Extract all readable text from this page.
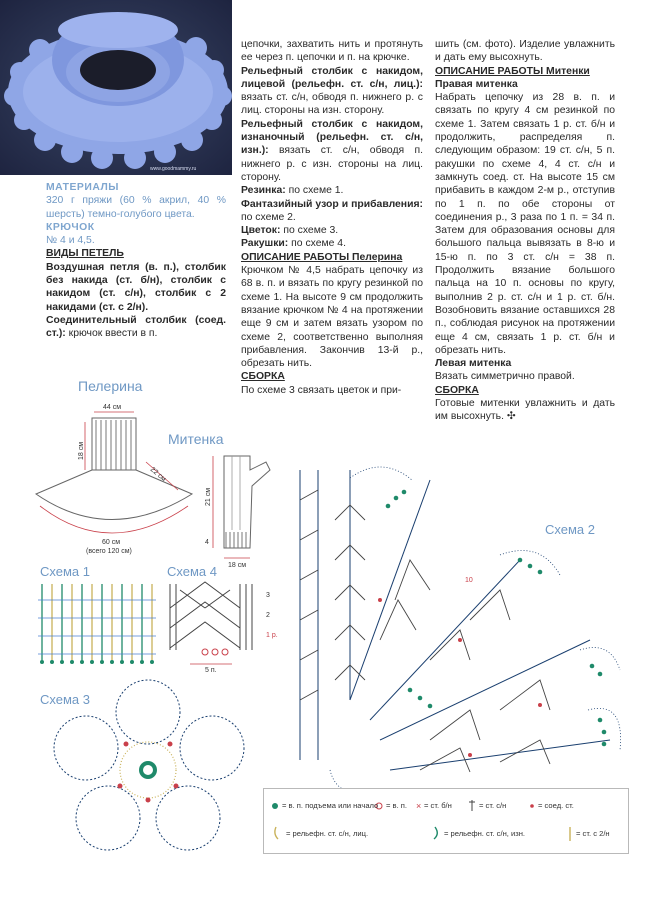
www.goodmammy.ru
МАТЕРИАЛЫ
320 г пряжи (60 % акрил, 40 % шерсть) темно-голубого цвета.
КРЮЧОК
№ 4 и 4,5.
ВИДЫ ПЕТЕЛЬ
Воздушная петля (в. п.), столбик без накида (ст. б/н), столбик с накидом (ст. с/н), столбик с 2 накидами (ст. с 2/н).
Соединительный столбик (соед. ст.): крючок ввести в п.
цепочки, захватить нить и протянуть ее через п. цепочки и п. на крючке.
Рельефный столбик с накидом, лицевой (рельефн. ст. с/н, лиц.): вязать ст. с/н, обводя п. нижнего р. с лиц. стороны на изн. сторону.
Рельефный столбик с накидом, изнаночный (рельефн. ст. с/н, изн.): вязать ст. с/н, обводя п. нижнего р. с изн. стороны на лиц. сторону.
Резинка: по схеме 1.
Фантазийный узор и прибавления: по схеме 2.
Цветок: по схеме 3.
Ракушки: по схеме 4.
ОПИСАНИЕ РАБОТЫ Пелерина
Крючком № 4,5 набрать цепочку из 68 в. п. и вязать по кругу резинкой по схеме 1. На высоте 9 см продолжить вязание крючком № 4 на протяжении еще 9 см и затем вязать узором по схеме 2, соответственно выполняя прибавления. Закончив 13-й р., обрезать нить.
СБОРКА
По схеме 3 связать цветок и при-
шить (см. фото). Изделие увлажнить и дать ему высохнуть.
ОПИСАНИЕ РАБОТЫ Митенки
Правая митенка
Набрать цепочку из 28 в. п. и связать по кругу 4 см резинкой по схеме 1. Затем связать 1 р. ст. б/н и продолжить, распределяя п. следующим образом: 19 ст. с/н, 5 п. ракушки по схеме 4, 4 ст. с/н и замкнуть соед. ст. На высоте 15 см прибавить в каждом 2-м р., отступив по 1 п. по обе стороны от соединения р., 3 раза по 1 п. = 34 п. Затем для образования основы для большого пальца вывязать в 8-ю и 15-ю п. по 3 ст. с/н = 38 п. Продолжить вязание большого пальца на 10 п. основы по кругу, выполнив 2 р. ст. с/н и 1 р. ст. б/н. Возобновить вязание оставшихся 28 п., соблюдая рисунок на протяжении еще 4 см, связать 1 р. ст. б/н и обрезать нить.
Левая митенка
Вязать симметрично правой.
СБОРКА
Готовые митенки увлажнить и дать им высохнуть. ✣
Пелерина
44 см
18 см
22 см
60 см
(всего 120 см)
Митенка
21 см
4
18 см
Схема 1	Схема 4
5 п.
3
2
1 р.
Схема 3
Схема 2
10
×
= в. п. подъема или начало = в. п. = ст. б/н	= ст. с/н	= соед. ст.
= рельефн. ст. с/н, лиц.	= рельефн. ст. с/н, изн.	= ст. с 2/н
